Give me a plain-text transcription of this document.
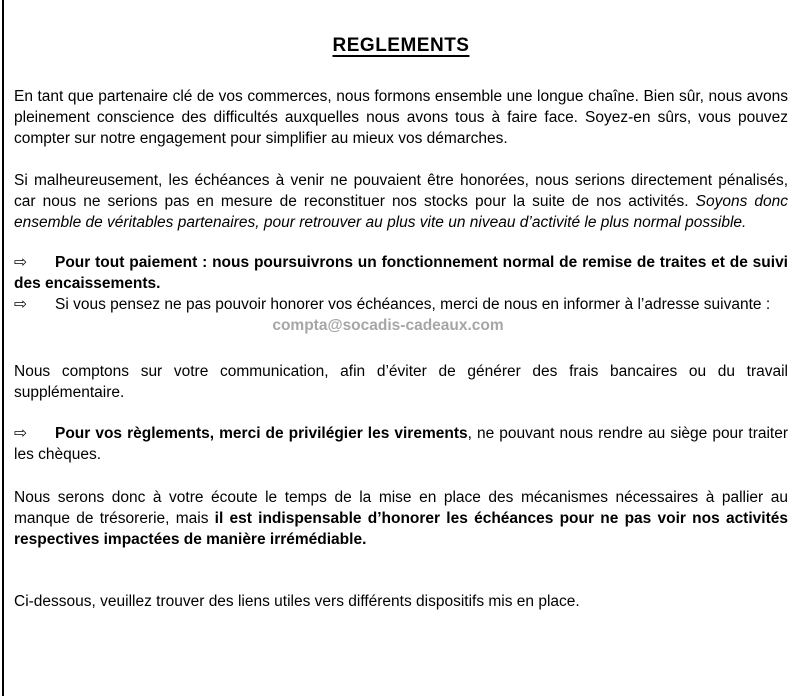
REGLEMENTS

En tant que partenaire clé de vos commerces, nous formons ensemble une longue chaîne. Bien sûr, nous avons pleinement conscience des difficultés auxquelles nous avons tous à faire face. Soyez-en sûrs, vous pouvez compter sur notre engagement pour simplifier au mieux vos démarches.

Si malheureusement, les échéances à venir ne pouvaient être honorées, nous serions directement pénalisés, car nous ne serions pas en mesure de reconstituer nos stocks pour la suite de nos activités. Soyons donc ensemble de véritables partenaires, pour retrouver au plus vite un niveau d’activité le plus normal possible.

⇨ Pour tout paiement : nous poursuivrons un fonctionnement normal de remise de traites et de suivi des encaissements.

⇨ Si vous pensez ne pas pouvoir honorer vos échéances, merci de nous en informer à l’adresse suivante :

compta@socadis-cadeaux.com

Nous comptons sur votre communication, afin d’éviter de générer des frais bancaires ou du travail supplémentaire.

⇨ Pour vos règlements, merci de privilégier les virements, ne pouvant nous rendre au siège pour traiter les chèques.

Nous serons donc à votre écoute le temps de la mise en place des mécanismes nécessaires à pallier au manque de trésorerie, mais il est indispensable d’honorer les échéances pour ne pas voir nos activités respectives impactées de manière irrémédiable.

Ci-dessous, veuillez trouver des liens utiles vers différents dispositifs mis en place.
